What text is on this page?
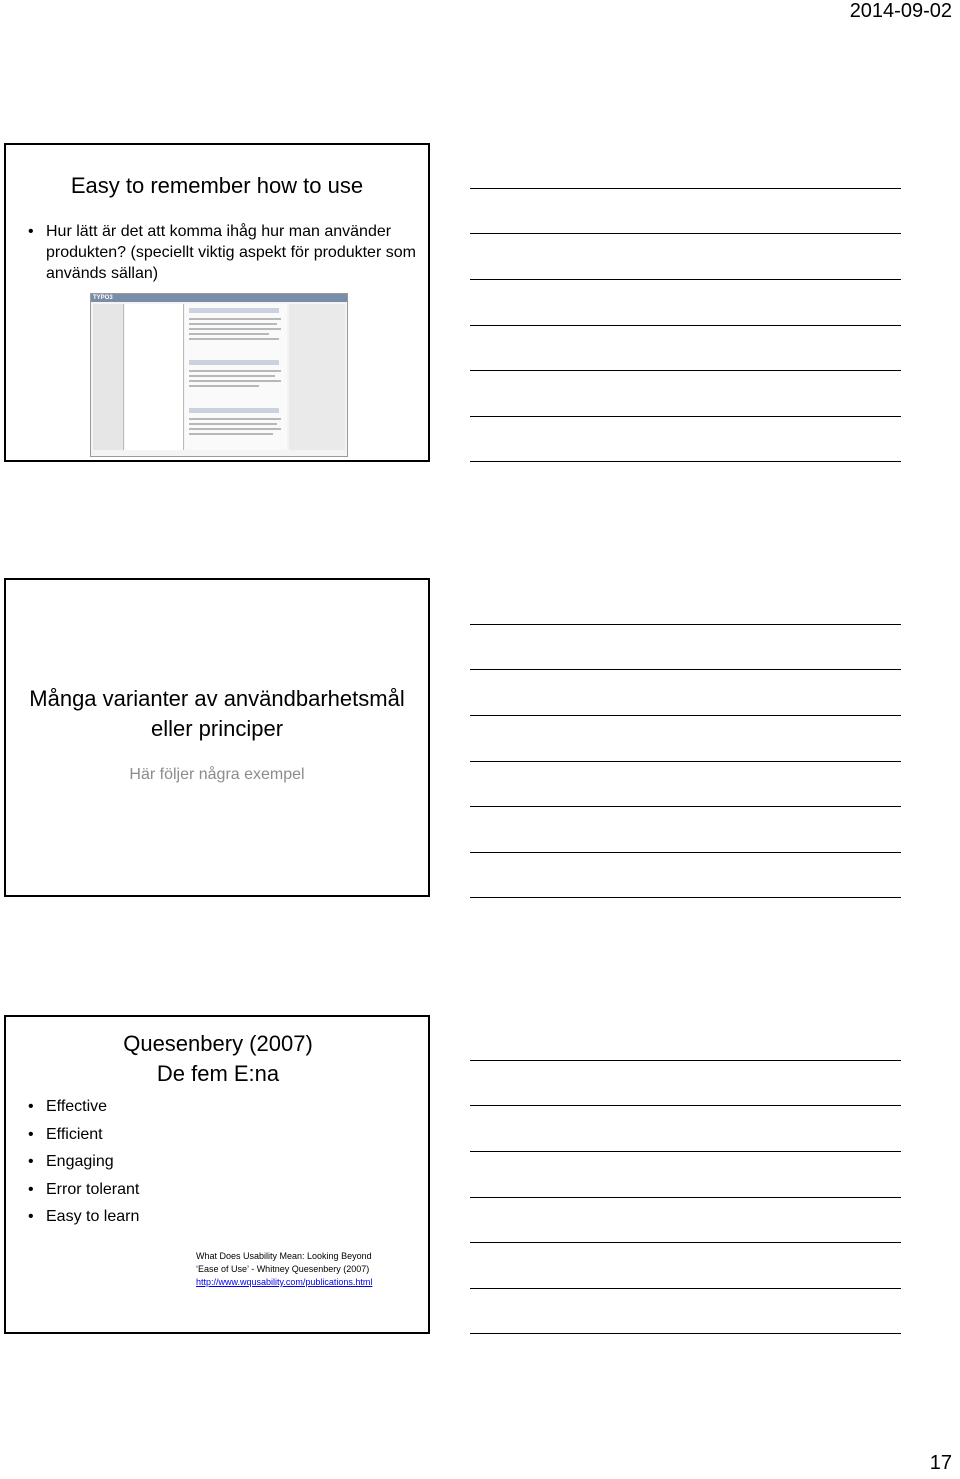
2014-09-02
Easy to remember how to use
• Hur lätt är det att komma ihåg hur man använder produkten? (speciellt viktig aspekt för produkter som används sällan)
TYPO3
Många varianter av användbarhetsmål eller principer
Här följer några exempel
Quesenbery (2007)
De fem E:na
• Effective
• Efficient
• Engaging
• Error tolerant
• Easy to learn
What Does Usability Mean: Looking Beyond
‘Ease of Use’ - Whitney Quesenbery (2007)
http://www.wqusability.com/publications.html
17
